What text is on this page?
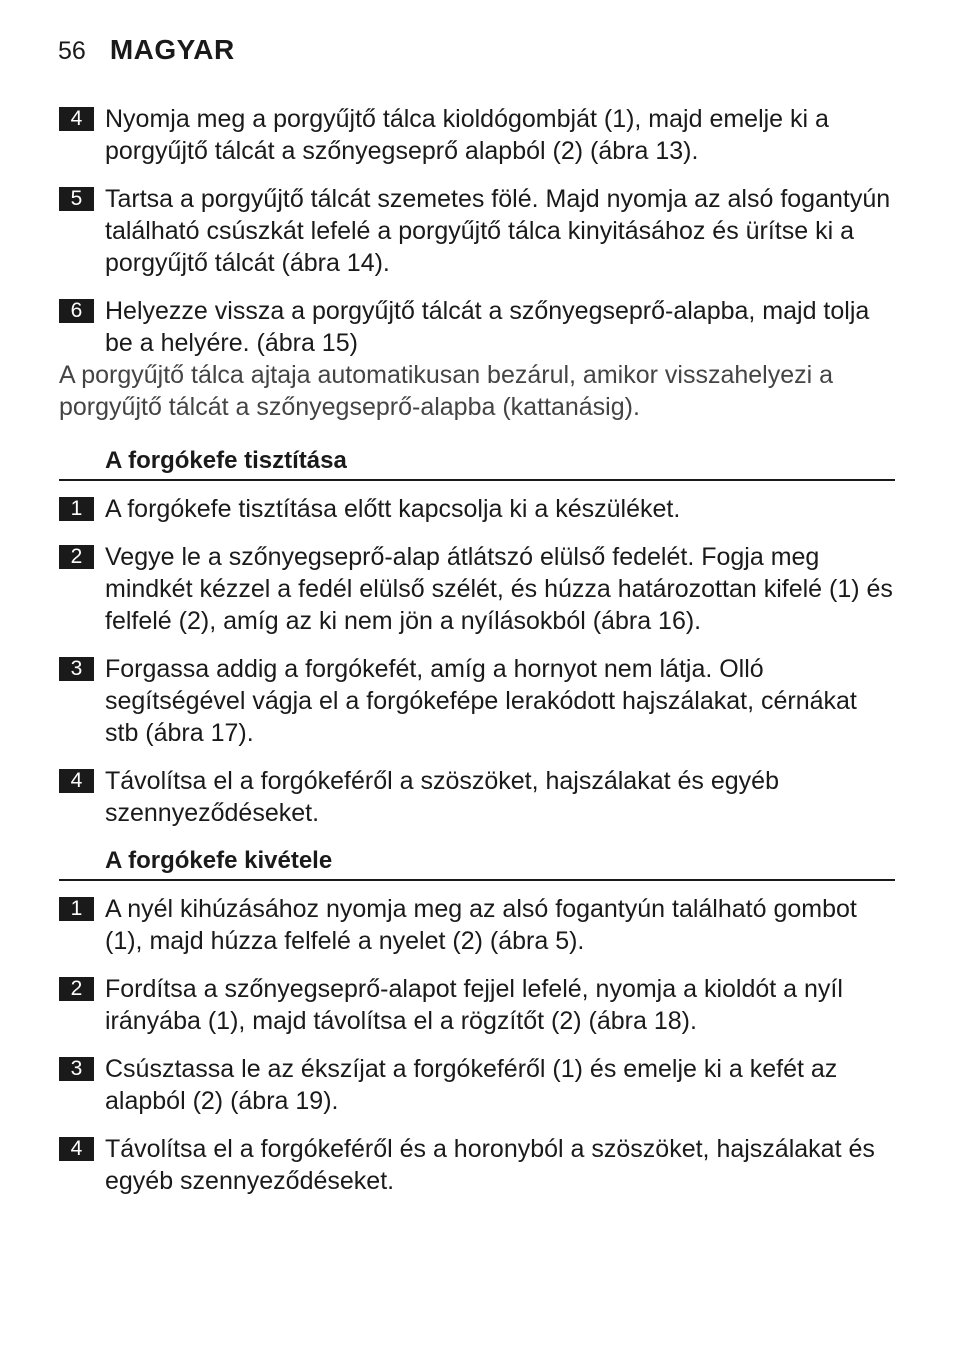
56 MAGYAR
4 Nyomja meg a porgyűjtő tálca kioldógombját (1), majd emelje ki a porgyűjtő tálcát a szőnyegseprő alapból (2) (ábra 13).
5 Tartsa a porgyűjtő tálcát szemetes fölé. Majd nyomja az alsó fogantyún található csúszkát lefelé a porgyűjtő tálca kinyitásához és ürítse ki a porgyűjtő tálcát (ábra 14).
6 Helyezze vissza a porgyűjtő tálcát a szőnyegseprő-alapba, majd tolja be a helyére. (ábra 15)
A porgyűjtő tálca ajtaja automatikusan bezárul, amikor visszahelyezi a porgyűjtő tálcát a szőnyegseprő-alapba (kattanásig).
A forgókefe tisztítása
1 A forgókefe tisztítása előtt kapcsolja ki a készüléket.
2 Vegye le a szőnyegseprő-alap átlátszó elülső fedelét. Fogja meg mindkét kézzel a fedél elülső szélét, és húzza határozottan kifelé (1) és felfelé (2), amíg az ki nem jön a nyílásokból (ábra 16).
3 Forgassa addig a forgókefét, amíg a hornyot nem látja. Olló segítségével vágja el a forgókeféре lerakódott hajszálakat, cérnákat stb (ábra 17).
4 Távolítsa el a forgókeféről a szöszöket, hajszálakat és egyéb szennyeződéseket.
A forgókefe kivétele
1 A nyél kihúzásához nyomja meg az alsó fogantyún található gombot (1), majd húzza felfelé a nyelet (2) (ábra 5).
2 Fordítsa a szőnyegseprő-alapot fejjel lefelé, nyomja a kioldót a nyíl irányába (1), majd távolítsa el a rögzítőt (2) (ábra 18).
3 Csúsztassa le az ékszíjat a forgókeféről (1) és emelje ki a kefét az alapból (2) (ábra 19).
4 Távolítsa el a forgókeféről és a horonyból a szöszöket, hajszálakat és egyéb szennyeződéseket.
